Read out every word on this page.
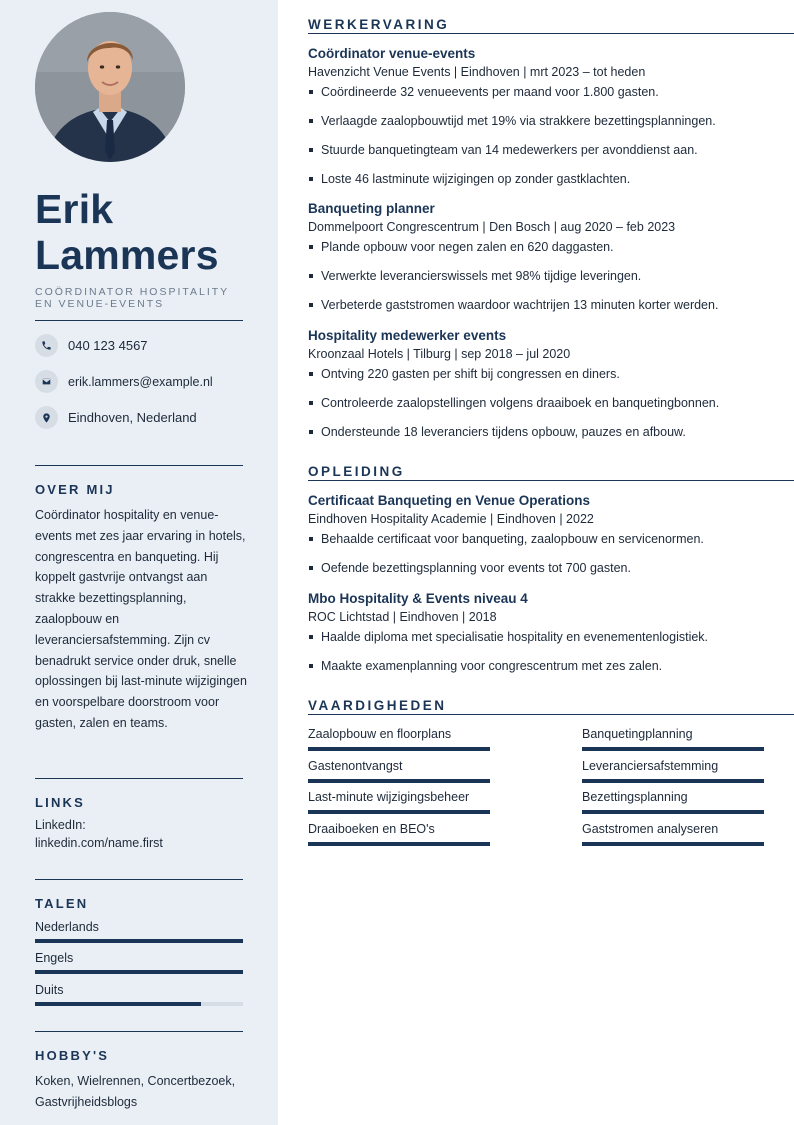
Erik
Lammers
COÖRDINATOR HOSPITALITY EN VENUE-EVENTS
040 123 4567
erik.lammers@example.nl
Eindhoven, Nederland
OVER MIJ
Coördinator hospitality en venue-events met zes jaar ervaring in hotels, congrescentra en banqueting. Hij koppelt gastvrije ontvangst aan strakke bezettingsplanning, zaalopbouw en leveranciersafstemming. Zijn cv benadrukt service onder druk, snelle oplossingen bij last-minute wijzigingen en voorspelbare doorstroom voor gasten, zalen en teams.
LINKS
LinkedIn:
linkedin.com/name.first
TALEN
Nederlands
Engels
Duits
HOBBY'S
Koken, Wielrennen, Concertbezoek, Gastvrijheidsblogs
WERKERVARING
Coördinator venue-events
Havenzicht Venue Events | Eindhoven | mrt 2023 – tot heden
Coördineerde 32 venueevents per maand voor 1.800 gasten.
Verlaagde zaalopbouwtijd met 19% via strakkere bezettingsplanningen.
Stuurde banquetingteam van 14 medewerkers per avonddienst aan.
Loste 46 lastminute wijzigingen op zonder gastklachten.
Banqueting planner
Dommelpoort Congrescentrum | Den Bosch | aug 2020 – feb 2023
Plande opbouw voor negen zalen en 620 daggasten.
Verwerkte leverancierswissels met 98% tijdige leveringen.
Verbeterde gaststromen waardoor wachtrijen 13 minuten korter werden.
Hospitality medewerker events
Kroonzaal Hotels | Tilburg | sep 2018 – jul 2020
Ontving 220 gasten per shift bij congressen en diners.
Controleerde zaalopstellingen volgens draaiboek en banquetingbonnen.
Ondersteunde 18 leveranciers tijdens opbouw, pauzes en afbouw.
OPLEIDING
Certificaat Banqueting en Venue Operations
Eindhoven Hospitality Academie | Eindhoven | 2022
Behaalde certificaat voor banqueting, zaalopbouw en servicenormen.
Oefende bezettingsplanning voor events tot 700 gasten.
Mbo Hospitality & Events niveau 4
ROC Lichtstad | Eindhoven | 2018
Haalde diploma met specialisatie hospitality en evenementenlogistiek.
Maakte examenplanning voor congrescentrum met zes zalen.
VAARDIGHEDEN
Zaalopbouw en floorplans	Banquetingplanning
Gastenontvangst	Leveranciersafstemming
Last-minute wijzigingsbeheer	Bezettingsplanning
Draaiboeken en BEO's	Gaststromen analyseren
